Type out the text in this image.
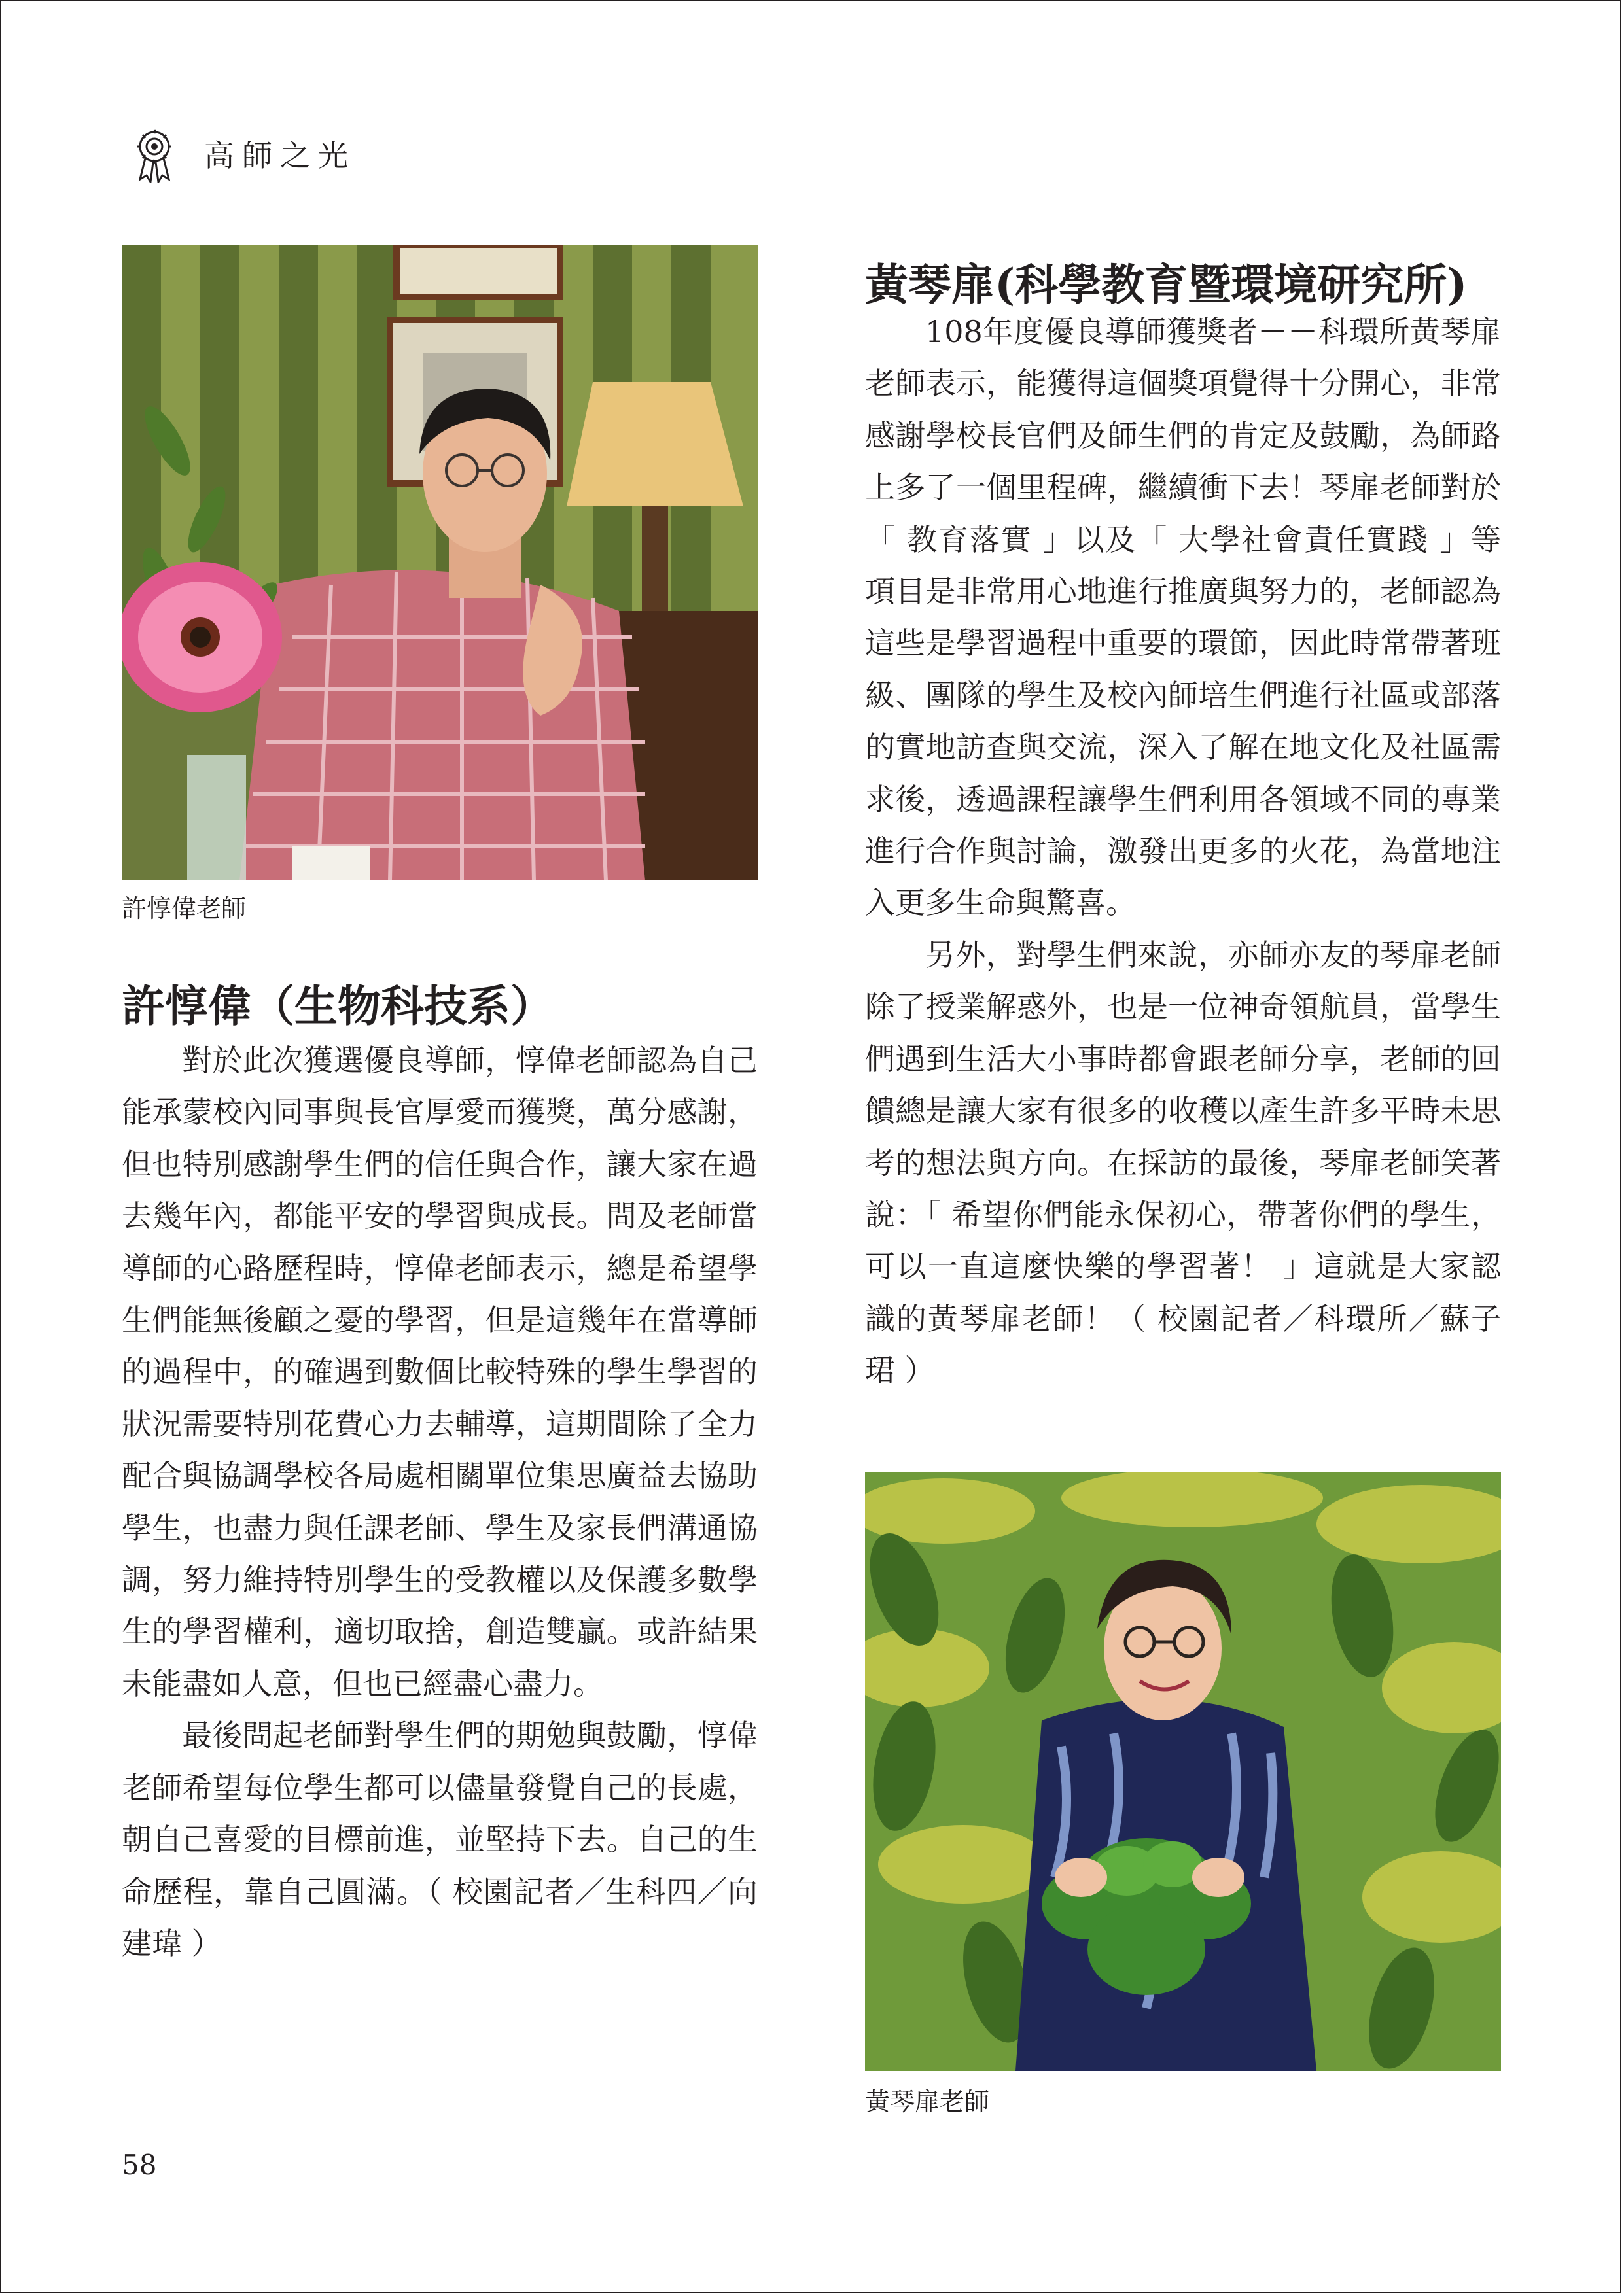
高師之光
許惇偉老師
許惇偉（生物科技系）

對於此次獲選優良導師，惇偉老師認為自己能承蒙校內同事與長官厚愛而獲獎，萬分感謝，但也特別感謝學生們的信任與合作，讓大家在過去幾年內，都能平安的學習與成長。問及老師當導師的心路歷程時，惇偉老師表示，總是希望學生們能無後顧之憂的學習，但是這幾年在當導師的過程中，的確遇到數個比較特殊的學生學習的狀況需要特別花費心力去輔導，這期間除了全力配合與協調學校各局處相關單位集思廣益去協助學生，也盡力與任課老師、學生及家長們溝通協調，努力維持特別學生的受教權以及保護多數學生的學習權利，適切取捨，創造雙贏。或許結果未能盡如人意，但也已經盡心盡力。

最後問起老師對學生們的期勉與鼓勵，惇偉老師希望每位學生都可以儘量發覺自己的長處，朝自己喜愛的目標前進，並堅持下去。自己的生命歷程，靠自己圓滿。（ 校園記者／生科四／向建瑋 ）

黃琴扉(科學教育暨環境研究所)

108年度優良導師獲獎者－－科環所黃琴扉老師表示，能獲得這個獎項覺得十分開心，非常感謝學校長官們及師生們的肯定及鼓勵，為師路上多了一個里程碑，繼續衝下去！琴扉老師對於「 教育落實 」以及「 大學社會責任實踐 」等項目是非常用心地進行推廣與努力的，老師認為這些是學習過程中重要的環節，因此時常帶著班級、團隊的學生及校內師培生們進行社區或部落的實地訪查與交流，深入了解在地文化及社區需求後，透過課程讓學生們利用各領域不同的專業進行合作與討論，激發出更多的火花，為當地注入更多生命與驚喜。

另外，對學生們來說，亦師亦友的琴扉老師除了授業解惑外，也是一位神奇領航員，當學生們遇到生活大小事時都會跟老師分享，老師的回饋總是讓大家有很多的收穫以產生許多平時未思考的想法與方向。在採訪的最後，琴扉老師笑著說：「 希望你們能永保初心，帶著你們的學生，可以一直這麼快樂的學習著！ 」這就是大家認識的黃琴扉老師！（ 校園記者／科環所／蘇子珺 ）

黃琴扉老師
58
